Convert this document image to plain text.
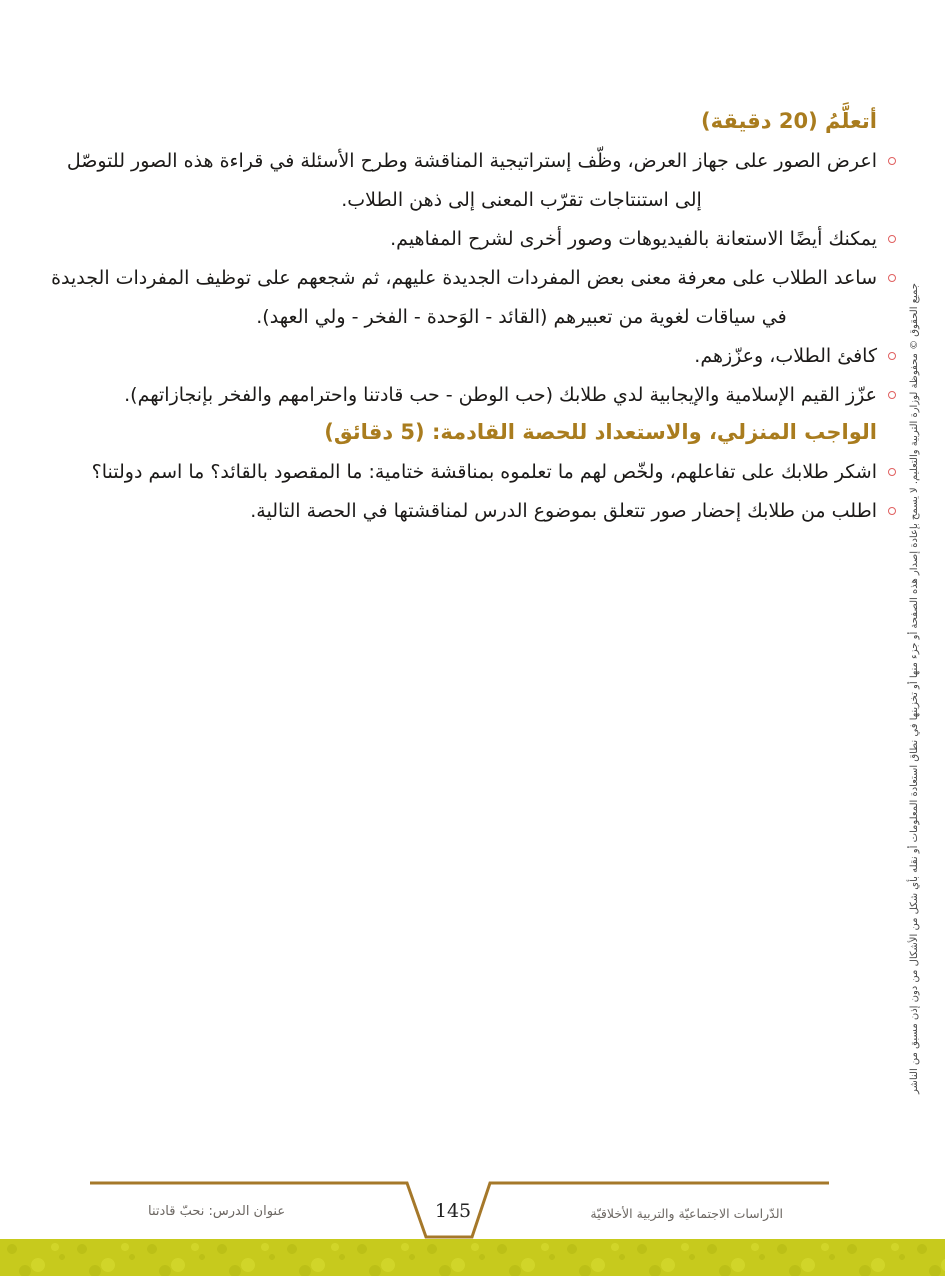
أتعلَّمُ (20 دقيقة)
اعرض الصور على جهاز العرض، وظّف إستراتيجية المناقشة وطرح الأسئلة في قراءة هذه الصور للتوصّل
إلى استنتاجات تقرّب المعنى إلى ذهن الطلاب.
يمكنك أيضًا الاستعانة بالفيديوهات وصور أخرى لشرح المفاهيم.
ساعد الطلاب على معرفة معنى بعض المفردات الجديدة عليهم، ثم شجعهم على توظيف المفردات الجديدة
في سياقات لغوية من تعبيرهم (القائد - الوَحدة - الفخر - ولي العهد).
كافئ الطلاب، وعزّزهم.
عزّز القيم الإسلامية والإيجابية لدي طلابك (حب الوطن - حب قادتنا واحترامهم والفخر بإنجازاتهم).
الواجب المنزلي، والاستعداد للحصة القادمة: (5 دقائق)
اشكر طلابك على تفاعلهم، ولخّص لهم ما تعلموه بمناقشة ختامية: ما المقصود بالقائد؟ ما اسم دولتنا؟
اطلب من طلابك إحضار صور تتعلق بموضوع الدرس لمناقشتها في الحصة التالية.	جميع الحقوق © محفوظة لوزارة التربية والتعليم. لا يسمح بإعادة إصدار هذه الصفحة أو جزء منها أو تخزينها في نطاق استعادة المعلومات أو نقله بأي شكل من الأشكال من دون إذن مسبق من الناشر
145
عنوان الدرس: نحبّ قادتنا	الدّراسات الاجتماعيّة والتربية الأخلاقيّة
